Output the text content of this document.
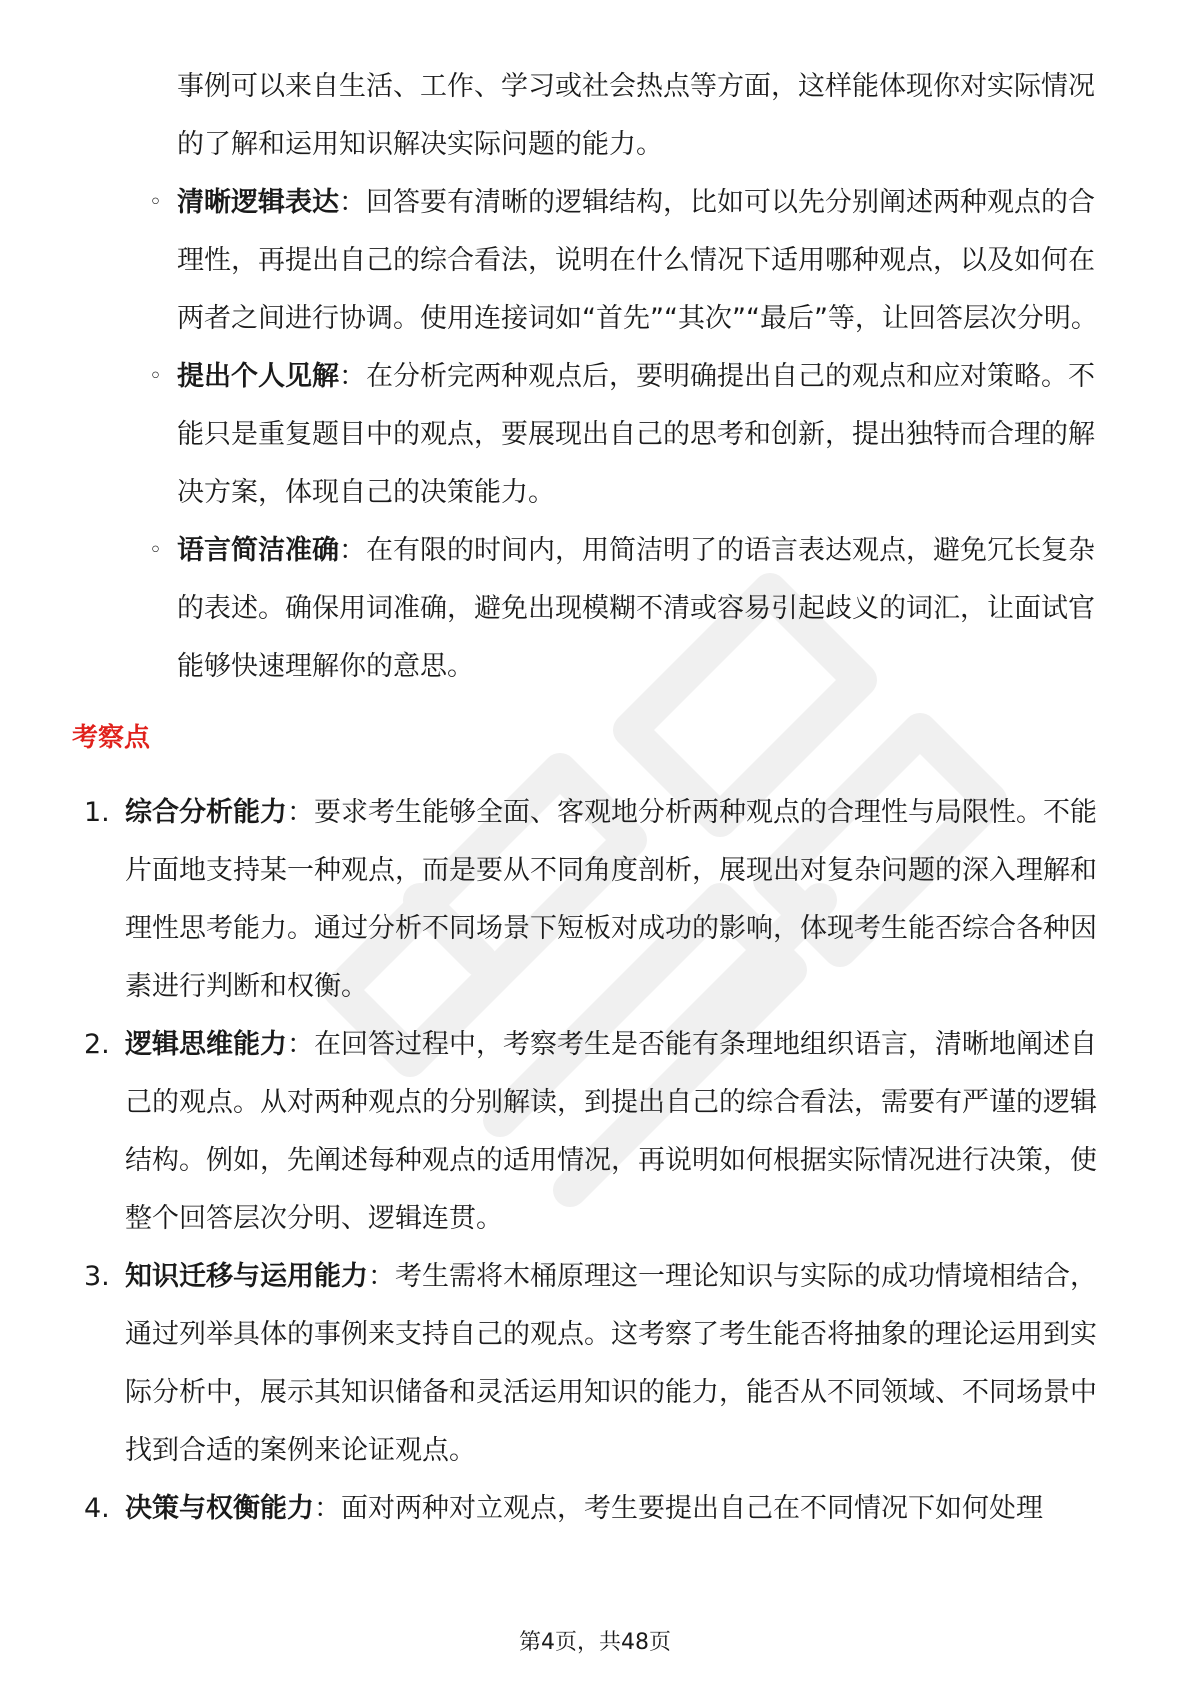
事例可以来自生活、工作、学习或社会热点等方面，这样能体现你对实际情况的了解和运用知识解决实际问题的能力。

◦ 清晰逻辑表达：回答要有清晰的逻辑结构，比如可以先分别阐述两种观点的合理性，再提出自己的综合看法，说明在什么情况下适用哪种观点，以及如何在两者之间进行协调。使用连接词如“首先”“其次”“最后”等，让回答层次分明。
◦ 提出个人见解：在分析完两种观点后，要明确提出自己的观点和应对策略。不能只是重复题目中的观点，要展现出自己的思考和创新，提出独特而合理的解决方案，体现自己的决策能力。
◦ 语言简洁准确：在有限的时间内，用简洁明了的语言表达观点，避免冗长复杂的表述。确保用词准确，避免出现模糊不清或容易引起歧义的词汇，让面试官能够快速理解你的意思。
考察点
1. 综合分析能力：要求考生能够全面、客观地分析两种观点的合理性与局限性。不能片面地支持某一种观点，而是要从不同角度剖析，展现出对复杂问题的深入理解和理性思考能力。通过分析不同场景下短板对成功的影响，体现考生能否综合各种因素进行判断和权衡。
2. 逻辑思维能力：在回答过程中，考察考生是否能有条理地组织语言，清晰地阐述自己的观点。从对两种观点的分别解读，到提出自己的综合看法，需要有严谨的逻辑结构。例如，先阐述每种观点的适用情况，再说明如何根据实际情况进行决策，使整个回答层次分明、逻辑连贯。
3. 知识迁移与运用能力：考生需将木桶原理这一理论知识与实际的成功情境相结合，通过列举具体的事例来支持自己的观点。这考察了考生能否将抽象的理论运用到实际分析中，展示其知识储备和灵活运用知识的能力，能否从不同领域、不同场景中找到合适的案例来论证观点。
4. 决策与权衡能力：面对两种对立观点，考生要提出自己在不同情况下如何处理
第4页，共48页
